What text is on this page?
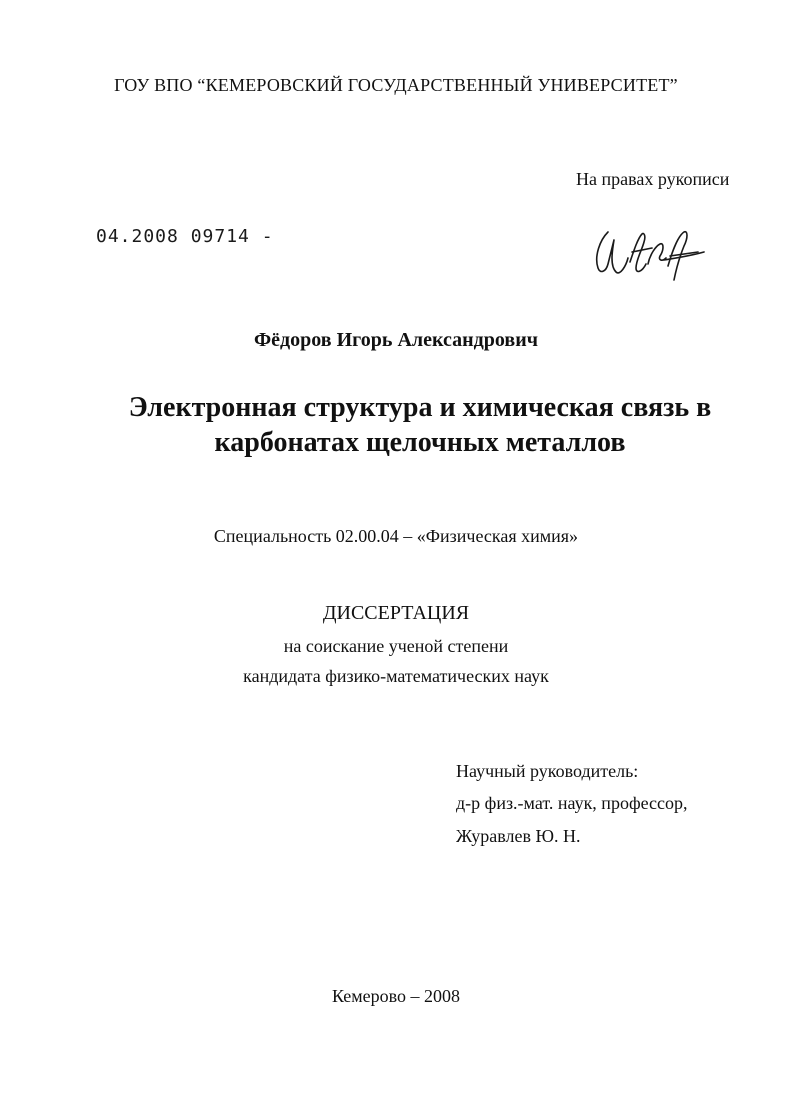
ГОУ ВПО “КЕМЕРОВСКИЙ ГОСУДАРСТВЕННЫЙ УНИВЕРСИТЕТ”
На правах рукописи
04.2008 09714 -
Фёдоров Игорь Александрович
Электронная структура и химическая связь в
карбонатах щелочных металлов
Специальность 02.00.04 – «Физическая химия»
ДИССЕРТАЦИЯ
на соискание ученой степени
кандидата физико-математических наук
Научный руководитель:
д-р физ.-мат. наук, профессор,
Журавлев Ю. Н.
Кемерово – 2008
